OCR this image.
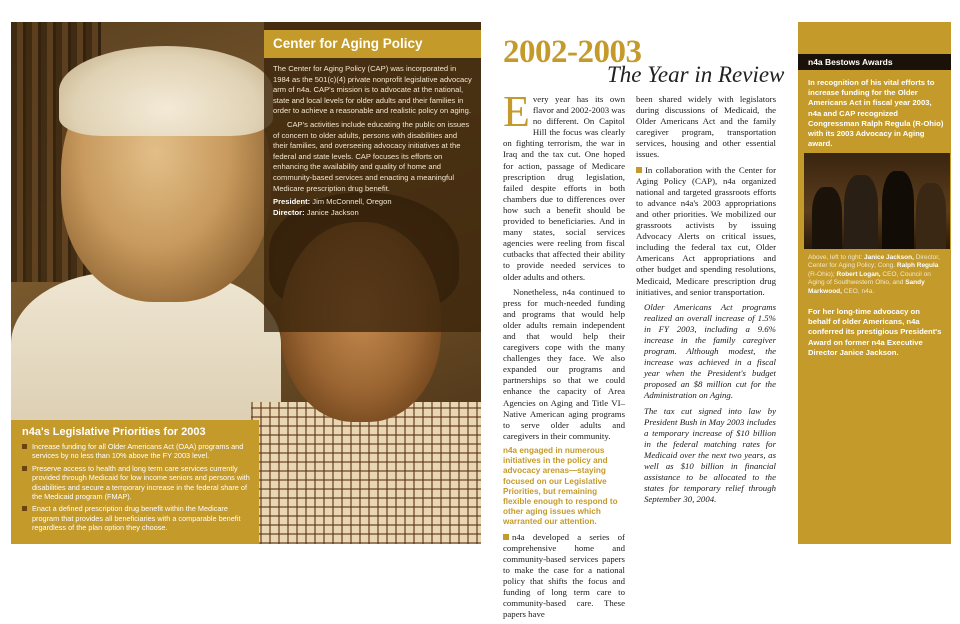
Center for Aging Policy

The Center for Aging Policy (CAP) was incorporated in 1984 as the 501(c)(4) private nonprofit legislative advocacy arm of n4a. CAP's mission is to advocate at the national, state and local levels for older adults and their families in order to achieve a reasonable and realistic policy on aging.

CAP's activities include educating the public on issues of concern to older adults, persons with disabilities and their families, and overseeing advocacy initiatives at the federal and state levels. CAP focuses its efforts on enhancing the availability and quality of home and community-based services and enacting a meaningful Medicare prescription drug benefit.

President: Jim McConnell, Oregon

Director: Janice Jackson

n4a's Legislative Priorities for 2003
Increase funding for all Older Americans Act (OAA) programs and services by no less than 10% above the FY 2003 level.
Preserve access to health and long term care services currently provided through Medicaid for low income seniors and persons with disabilities and secure a temporary increase in the federal share of the Medicaid program (FMAP).
Enact a defined prescription drug benefit within the Medicare program that provides all beneficiaries with a comparable benefit regardless of the plan option they choose.
2002-2003
The Year in Review

Every year has its own flavor and 2002-2003 was no different. On Capitol Hill the focus was clearly on fighting terrorism, the war in Iraq and the tax cut. One hoped for action, passage of Medicare prescription drug legislation, failed despite efforts in both chambers due to differences over how such a benefit should be provided to beneficiaries. And in many states, social services agencies were reeling from fiscal cutbacks that affected their ability to provide needed services to older adults and others.

Nonetheless, n4a continued to press for much-needed funding and programs that would help older adults remain independent and that would help their caregivers cope with the many challenges they face. We also expanded our programs and partnerships so that we could enhance the capacity of Area Agencies on Aging and Title VI–Native American aging programs to serve older adults and caregivers in their community.

n4a engaged in numerous initiatives in the policy and advocacy arenas—staying focused on our Legislative Priorities, but remaining flexible enough to respond to other aging issues which warranted our attention.

n4a developed a series of comprehensive home and community-based services papers to make the case for a national policy that shifts the focus and funding of long term care to community-based care. These papers have

been shared widely with legislators during discussions of Medicaid, the Older Americans Act and the family caregiver program, transportation services, housing and other essential issues.

In collaboration with the Center for Aging Policy (CAP), n4a organized national and targeted grassroots efforts to advance n4a's 2003 appropriations and other priorities. We mobilized our grassroots activists by issuing Advocacy Alerts on critical issues, including the federal tax cut, Older Americans Act appropriations and other budget and spending resolutions, Medicaid, Medicare prescription drug initiatives, and senior transportation.

Older Americans Act programs realized an overall increase of 1.5% in FY 2003, including a 9.6% increase in the family caregiver program. Although modest, the increase was achieved in a fiscal year when the President's budget proposed an $8 million cut for the Administration on Aging.

The tax cut signed into law by President Bush in May 2003 includes a temporary increase of $10 billion in the federal matching rates for Medicaid over the next two years, as well as $10 billion in financial assistance to be allocated to the states for temporary relief through September 30, 2004.

n4a Bestows Awards
In recognition of his vital efforts to increase funding for the Older Americans Act in fiscal year 2003, n4a and CAP recognized Congressman Ralph Regula (R-Ohio) with its 2003 Advocacy in Aging award.
Above, left to right: Janice Jackson, Director, Center for Aging Policy; Cong. Ralph Regula (R-Ohio); Robert Logan, CEO, Council on Aging of Southwestern Ohio, and Sandy Markwood, CEO, n4a.
For her long-time advocacy on behalf of older Americans, n4a conferred its prestigious President's Award on former n4a Executive Director Janice Jackson.
